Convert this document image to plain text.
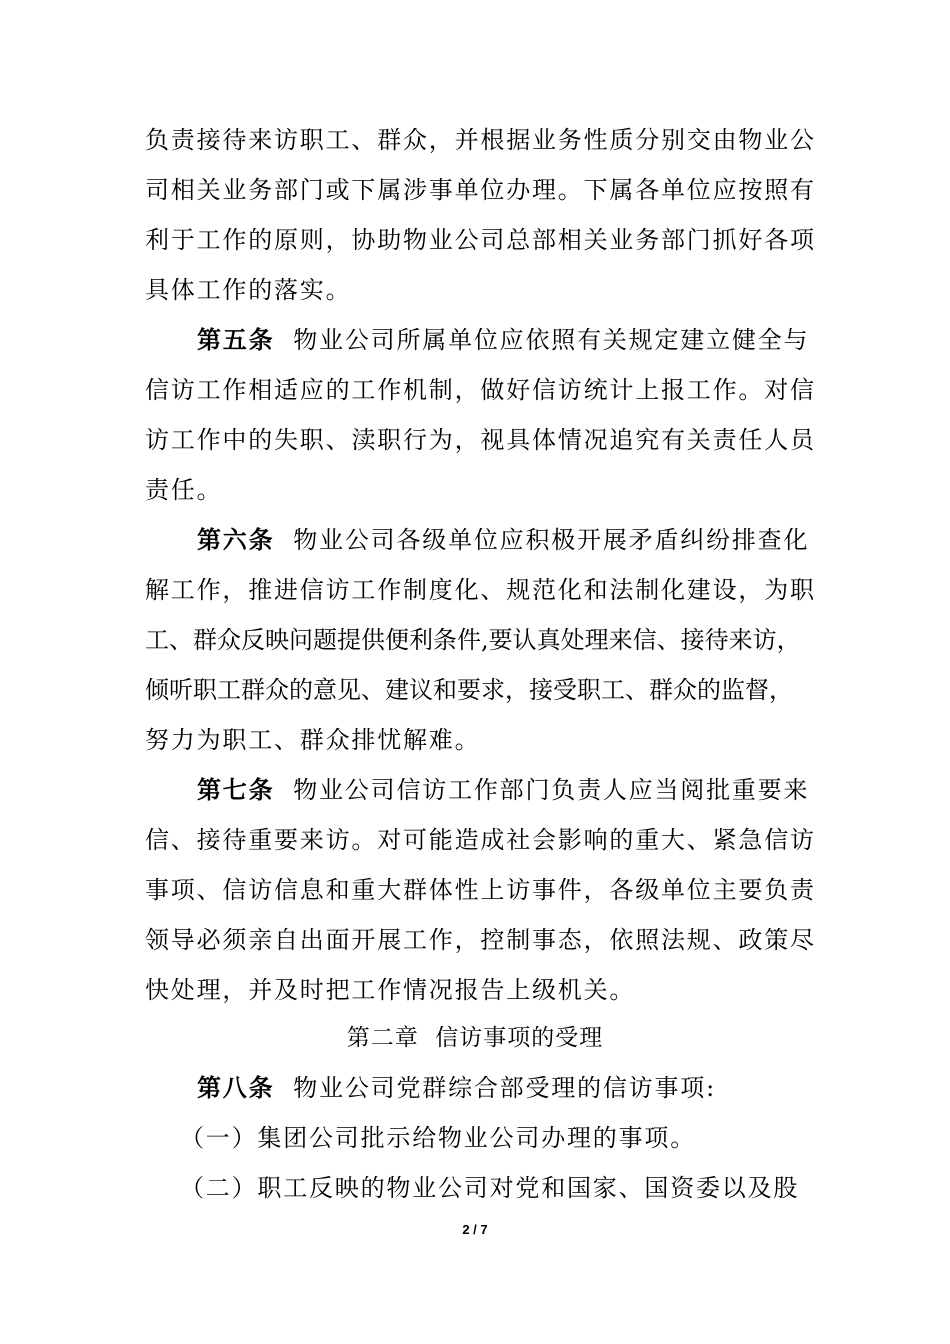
负责接待来访职工、群众，并根据业务性质分别交由物业公
司相关业务部门或下属涉事单位办理。下属各单位应按照有
利于工作的原则，协助物业公司总部相关业务部门抓好各项
具体工作的落实。
第五条  物业公司所属单位应依照有关规定建立健全与
信访工作相适应的工作机制，做好信访统计上报工作。对信
访工作中的失职、渎职行为，视具体情况追究有关责任人员
责任。
第六条  物业公司各级单位应积极开展矛盾纠纷排查化
解工作，推进信访工作制度化、规范化和法制化建设，为职
工、群众反映问题提供便利条件,要认真处理来信、接待来访，
倾听职工群众的意见、建议和要求，接受职工、群众的监督，
努力为职工、群众排忧解难。
第七条  物业公司信访工作部门负责人应当阅批重要来
信、接待重要来访。对可能造成社会影响的重大、紧急信访
事项、信访信息和重大群体性上访事件，各级单位主要负责
领导必须亲自出面开展工作，控制事态，依照法规、政策尽
快处理，并及时把工作情况报告上级机关。
第二章  信访事项的受理
第八条  物业公司党群综合部受理的信访事项:
（一）集团公司批示给物业公司办理的事项。
（二）职工反映的物业公司对党和国家、国资委以及股
2 / 7
